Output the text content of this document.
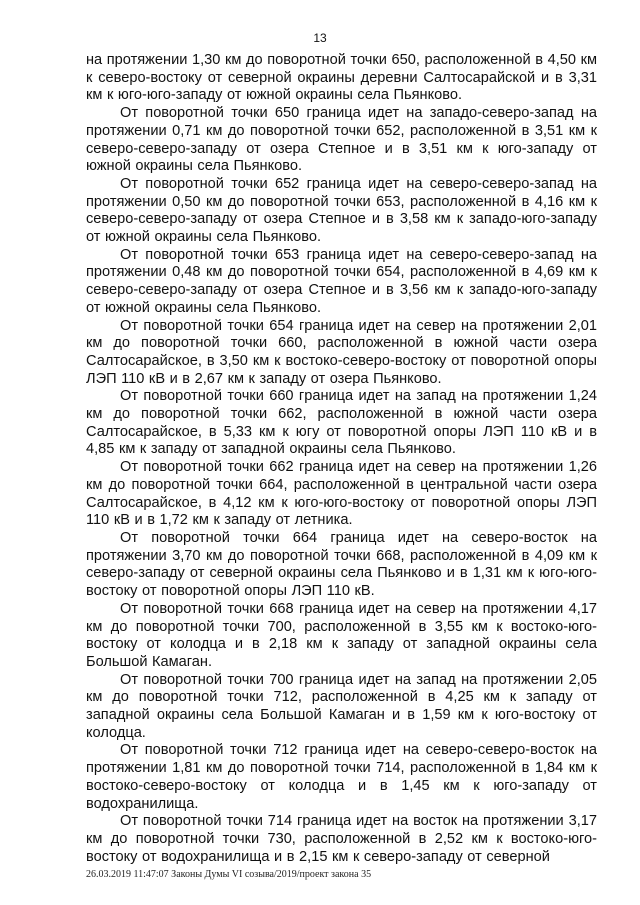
13

на протяжении 1,30 км до поворотной точки 650, расположенной в 4,50 км к северо-востоку от северной окраины деревни Салтосарайской и в 3,31 км к юго-юго-западу от южной окраины села Пьянково.

От поворотной точки 650 граница идет на западо-северо-запад на протяжении 0,71 км до поворотной точки 652, расположенной в 3,51 км к северо-северо-западу от озера Степное и в 3,51 км к юго-западу от южной окраины села Пьянково.

От поворотной точки 652 граница идет на северо-северо-запад на протяжении 0,50 км до поворотной точки 653, расположенной в 4,16 км к северо-северо-западу от озера Степное и в 3,58 км к западо-юго-западу от южной окраины села Пьянково.

От поворотной точки 653 граница идет на северо-северо-запад на протяжении 0,48 км до поворотной точки 654, расположенной в 4,69 км к северо-северо-западу от озера Степное и в 3,56 км к западо-юго-западу от южной окраины села Пьянково.

От поворотной точки 654 граница идет на север на протяжении 2,01 км до поворотной точки 660, расположенной в южной части озера Салтосарайское, в 3,50 км к востоко-северо-востоку от поворотной опоры ЛЭП 110 кВ и в 2,67 км к западу от озера Пьянково.

От поворотной точки 660 граница идет на запад на протяжении 1,24 км до поворотной точки 662, расположенной в южной части озера Салтосарайское, в 5,33 км к югу от поворотной опоры ЛЭП 110 кВ и в 4,85 км к западу от западной окраины села Пьянково.

От поворотной точки 662 граница идет на север на протяжении 1,26 км до поворотной точки 664, расположенной в центральной части озера Салтосарайское, в 4,12 км к юго-юго-востоку от поворотной опоры ЛЭП 110 кВ и в 1,72 км к западу от летника.

От поворотной точки 664 граница идет на северо-восток на протяжении 3,70 км до поворотной точки 668, расположенной в 4,09 км к северо-западу от северной окраины села Пьянково и в 1,31 км к юго-юго-востоку от поворотной опоры ЛЭП 110 кВ.

От поворотной точки 668 граница идет на север на протяжении 4,17 км до поворотной точки 700, расположенной в 3,55 км к востоко-юго-востоку от колодца и в 2,18 км к западу от западной окраины села Большой Камаган.

От поворотной точки 700 граница идет на запад на протяжении 2,05 км до поворотной точки 712, расположенной в 4,25 км к западу от западной окраины села Большой Камаган и в 1,59 км к юго-востоку от колодца.

От поворотной точки 712 граница идет на северо-северо-восток на протяжении 1,81 км до поворотной точки 714, расположенной в 1,84 км к востоко-северо-востоку от колодца и в 1,45 км к юго-западу от водохранилища.

От поворотной точки 714 граница идет на восток на протяжении 3,17 км до поворотной точки 730, расположенной в 2,52 км к востоко-юго-востоку от водохранилища и в 2,15 км к северо-западу от северной

26.03.2019 11:47:07 Законы Думы VI созыва/2019/проект закона 35
